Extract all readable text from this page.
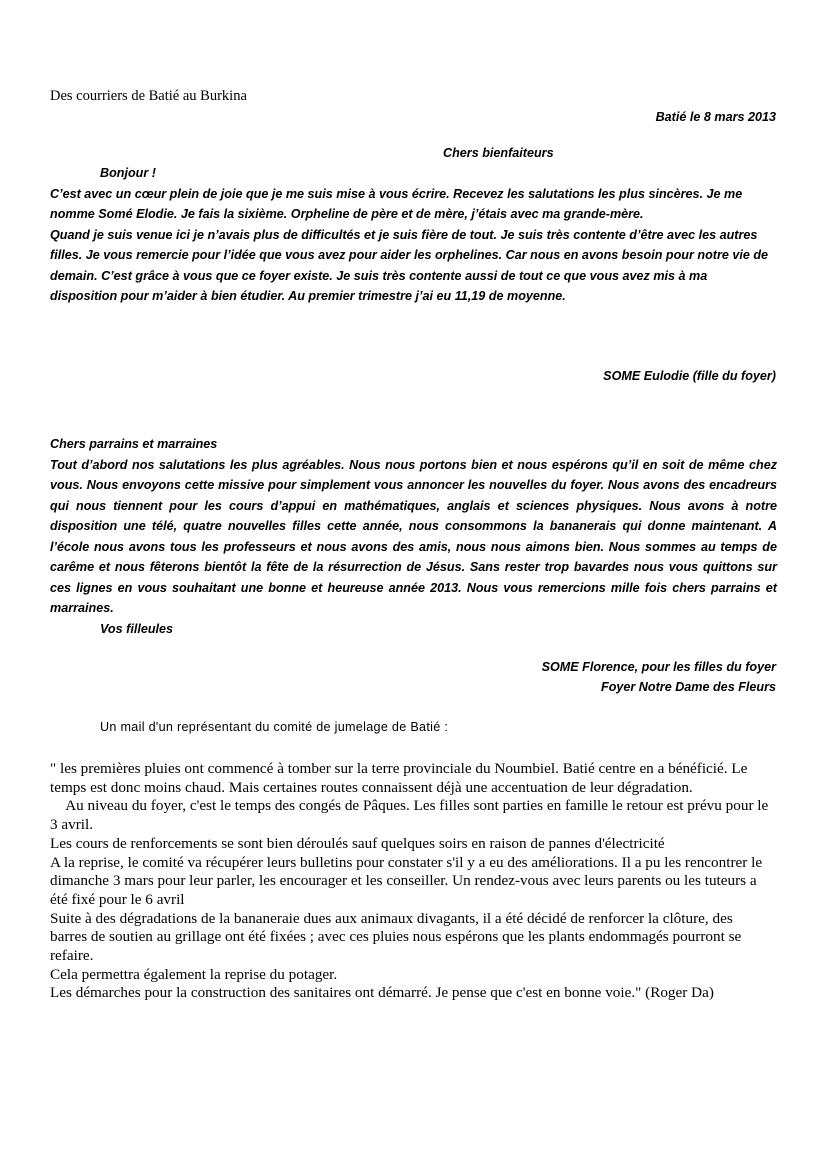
Des courriers de Batié au Burkina
Batié le 8 mars 2013
Chers bienfaiteurs

Bonjour !

C’est avec un cœur plein de joie que je me suis mise à vous écrire. Recevez les salutations les plus sincères. Je me nomme Somé Elodie. Je fais la sixième. Orpheline de père et de mère, j’étais avec ma grande-mère.

Quand je suis venue ici je n’avais plus de difficultés et je suis fière de tout. Je suis très contente d’être avec les autres filles. Je vous remercie pour l’idée que vous avez pour aider les orphelines. Car nous en avons besoin pour notre vie de demain. C’est grâce à vous que ce foyer existe. Je suis très contente aussi de tout ce que vous avez mis à ma disposition pour m’aider à bien étudier. Au premier trimestre j’ai eu 11,19 de moyenne.

SOME Eulodie (fille du foyer)

Chers parrains et marraines

Tout d’abord nos salutations les plus agréables. Nous nous portons bien et nous espérons qu’il en soit de même chez vous. Nous envoyons cette missive pour simplement vous annoncer les nouvelles du foyer. Nous avons des encadreurs qui nous tiennent pour les cours d’appui en mathématiques, anglais et sciences physiques. Nous avons à notre disposition une télé, quatre nouvelles filles cette année, nous consommons la bananerais qui donne maintenant. A l’école nous avons tous les professeurs et nous avons des amis, nous nous aimons bien. Nous sommes au temps de carême et nous fêterons bientôt la fête de la résurrection de Jésus. Sans rester trop bavardes nous vous quittons sur ces lignes en vous souhaitant une bonne et heureuse année 2013. Nous vous remercions mille fois chers parrains et marraines.

Vos filleules

SOME Florence, pour les filles du foyer
Foyer Notre Dame des Fleurs
Un mail d'un représentant du comité de jumelage de Batié :

" les premières pluies ont commencé à tomber sur la terre provinciale du Noumbiel. Batié centre en a bénéficié. Le temps est donc moins chaud. Mais certaines routes connaissent déjà une accentuation de leur dégradation.

Au niveau du foyer, c'est le temps des congés de Pâques. Les filles sont parties en famille le retour est prévu pour le 3 avril.

Les cours de renforcements se sont bien déroulés sauf quelques soirs en raison de pannes d'électricité

A la reprise, le comité va récupérer leurs bulletins pour constater s'il y a eu des améliorations. Il a pu les rencontrer le dimanche 3 mars pour leur parler, les encourager et les conseiller. Un rendez-vous avec leurs parents ou les tuteurs a été fixé pour le 6 avril

Suite à des dégradations de la bananeraie dues aux animaux divagants, il a été décidé de renforcer la clôture, des barres de soutien au grillage ont été fixées ; avec ces pluies nous espérons que les plants endommagés pourront se refaire.

Cela permettra également la reprise du potager.

Les démarches pour la construction des sanitaires ont démarré. Je pense que c'est en bonne voie." (Roger Da)
